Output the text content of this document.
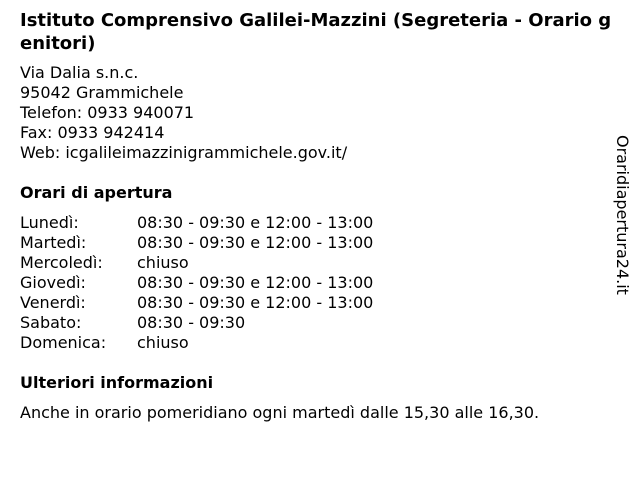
Istituto Comprensivo Galilei-Mazzini (Segreteria - Orario genitori)
Via Dalia s.n.c.
95042 Grammichele
Telefon: 0933 940071
Fax: 0933 942414
Web: icgalileimazzinigrammichele.gov.it/
Orari di apertura
Lunedì:	08:30 - 09:30 e 12:00 - 13:00
Martedì:	08:30 - 09:30 e 12:00 - 13:00
Mercoledì:	chiuso
Giovedì:	08:30 - 09:30 e 12:00 - 13:00
Venerdì:	08:30 - 09:30 e 12:00 - 13:00
Sabato:	08:30 - 09:30
Domenica:	chiuso
Ulteriori informazioni
Anche in orario pomeridiano ogni martedì dalle 15,30 alle 16,30.
Oraridiapertura24.it
